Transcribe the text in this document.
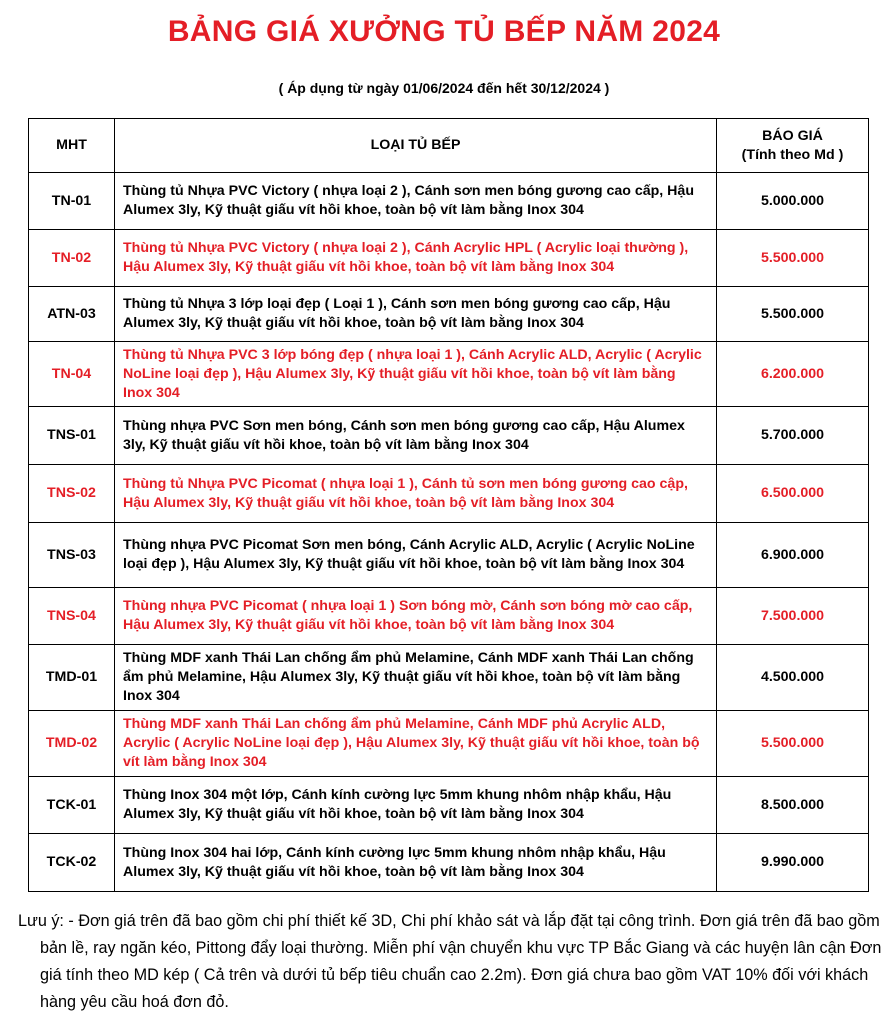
BẢNG GIÁ XƯỞNG TỦ BẾP NĂM 2024
( Áp dụng từ ngày 01/06/2024 đến hết 30/12/2024 )
MHT	LOẠI TỦ BẾP	BÁO GIÁ
(Tính theo Md )
TN-01	Thùng tủ Nhựa PVC Victory ( nhựa loại 2 ), Cánh sơn men bóng gương cao cấp, Hậu Alumex 3ly, Kỹ thuật giấu vít hồi khoe, toàn bộ vít làm bằng Inox 304	5.000.000
TN-02	Thùng tủ Nhựa PVC Victory ( nhựa loại 2 ), Cánh Acrylic HPL ( Acrylic loại thường ), Hậu Alumex 3ly, Kỹ thuật giấu vít hồi khoe, toàn bộ vít làm bằng Inox 304	5.500.000
ATN-03	Thùng tủ Nhựa 3 lớp loại đẹp ( Loại 1 ), Cánh sơn men bóng gương cao cấp, Hậu Alumex 3ly, Kỹ thuật giấu vít hồi khoe, toàn bộ vít làm bằng Inox 304	5.500.000
TN-04	Thùng tủ Nhựa PVC 3 lớp bóng đẹp ( nhựa loại 1 ), Cánh Acrylic ALD, Acrylic ( Acrylic NoLine loại đẹp ), Hậu Alumex 3ly, Kỹ thuật giấu vít hồi khoe, toàn bộ vít làm bằng Inox 304	6.200.000
TNS-01	Thùng nhựa PVC Sơn men bóng, Cánh sơn men bóng gương cao cấp, Hậu Alumex 3ly, Kỹ thuật giấu vít hồi khoe, toàn bộ vít làm bằng Inox 304	5.700.000
TNS-02	Thùng tủ Nhựa PVC Picomat ( nhựa loại 1 ), Cánh tủ sơn men bóng gương cao cập, Hậu Alumex 3ly, Kỹ thuật giấu vít hồi khoe, toàn bộ vít làm bằng Inox 304	6.500.000
TNS-03	Thùng nhựa PVC Picomat Sơn men bóng, Cánh Acrylic ALD, Acrylic ( Acrylic NoLine loại đẹp ), Hậu Alumex 3ly, Kỹ thuật giấu vít hồi khoe, toàn bộ vít làm bằng Inox 304	6.900.000
TNS-04	Thùng nhựa PVC Picomat ( nhựa loại 1 ) Sơn bóng mờ, Cánh sơn bóng mờ cao cấp, Hậu Alumex 3ly, Kỹ thuật giấu vít hồi khoe, toàn bộ vít làm bằng Inox 304	7.500.000
TMD-01	Thùng MDF xanh Thái Lan chống ẩm phủ Melamine, Cánh MDF xanh Thái Lan chống ẩm phủ Melamine, Hậu Alumex 3ly, Kỹ thuật giấu vít hồi khoe, toàn bộ vít làm bằng Inox 304	4.500.000
TMD-02	Thùng MDF xanh Thái Lan chống ẩm phủ Melamine, Cánh MDF phủ Acrylic ALD, Acrylic ( Acrylic NoLine loại đẹp ), Hậu Alumex 3ly, Kỹ thuật giấu vít hồi khoe, toàn bộ vít làm bằng Inox 304	5.500.000
TCK-01	Thùng Inox 304 một lớp, Cánh kính cường lực 5mm khung nhôm nhập khẩu, Hậu Alumex 3ly, Kỹ thuật giấu vít hồi khoe, toàn bộ vít làm bằng Inox 304	8.500.000
TCK-02	Thùng Inox 304 hai lớp, Cánh kính cường lực 5mm khung nhôm nhập khẩu, Hậu Alumex 3ly, Kỹ thuật giấu vít hồi khoe, toàn bộ vít làm bằng Inox 304	9.990.000
Lưu ý: - Đơn giá trên đã bao gồm chi phí thiết kế 3D, Chi phí khảo sát và lắp đặt tại công trình. Đơn giá trên đã bao gồm bản lề, ray ngăn kéo, Pittong đẩy loại thường. Miễn phí vận chuyển khu vực TP Bắc Giang và các huyện lân cận Đơn giá tính theo MD kép ( Cả trên và dưới tủ bếp tiêu chuẩn cao 2.2m). Đơn giá chưa bao gồm VAT 10% đối với khách hàng yêu cầu hoá đơn đỏ.
